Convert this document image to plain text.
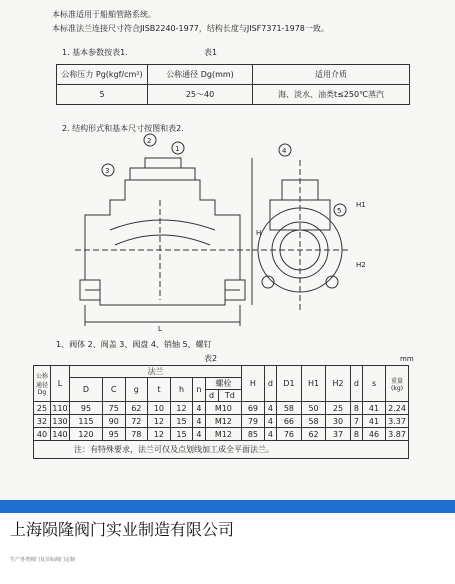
本标准适用于船舶管路系统。
本标准法兰连接尺寸符合JISB2240-1977，结构长度与JISF7371-1978一致。
1. 基本参数按表1.	表1
公称压力 Pg(kgf/cm²)	公称通径 Dg(mm)	适用介质
5	25～40	海、淡水、油类t≤250℃蒸汽
2. 结构形式和基本尺寸按图和表2.
1
2
3
4
5
L
H
H1
H2
1、阀体 2、阀盖 3、阀盘 4、销轴 5、螺钉
表2	mm
公称通径Dg	L	法兰								H	d	D1	H1	H2	d	s	重量(kg)
		D	C	g	t	h	n	螺栓									
								d	Td								
25	110	95	75	62	10	12	4	M10		69	4	58	50	25	8	41	2.24
32	130	115	90	72	12	15	4	M12		79	4	66	58	30	7	41	3.37
40	140	120	95	78	12	15	4	M12		85	4	76	62	37	8	46	3.87
注：有特殊要求，法兰可仅及点划线加工成全平面法兰。																	
上海陨隆阀门实业制造有限公司
生产各类阀门及非标阀门定制
